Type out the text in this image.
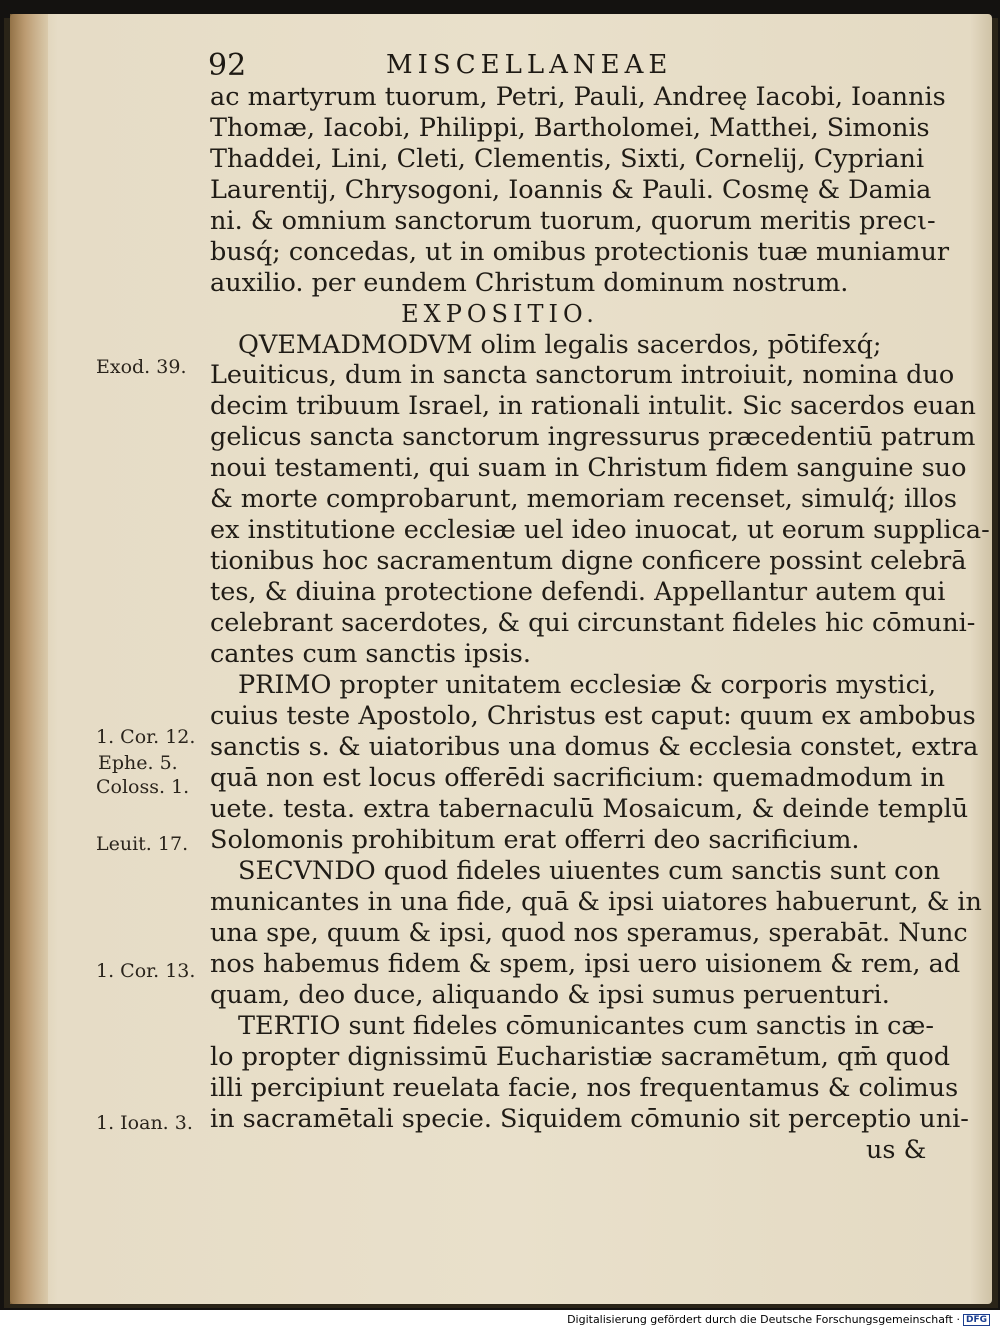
92	MISCELLANEAE
ac martyrum tuorum, Petri, Pauli, Andreę Iacobi, Ioannis
Thomæ, Iacobi, Philippi, Bartholomei, Matthei, Simonis
Thaddei, Lini, Cleti, Clementis, Sixti, Cornelij, Cypriani
Laurentij, Chrysogoni, Ioannis & Pauli. Cosmę & Damia
ni. & omnium sanctorum tuorum, quorum meritis precι-
busq́; concedas, ut in omibus protectionis tuæ muniamur
auxilio. per eundem Christum dominum nostrum.
EXPOSITIO.
QVEMADMODVM olim legalis sacerdos, pōtifexq́;
Leuiticus, dum in sancta sanctorum introiuit, nomina duo
decim tribuum Israel, in rationali intulit. Sic sacerdos euan
gelicus sancta sanctorum ingressurus præcedentiū patrum
noui testamenti, qui suam in Christum fidem sanguine suo
& morte comprobarunt, memoriam recenset, simulq́; illos
ex institutione ecclesiæ uel ideo inuocat, ut eorum supplica-
tionibus hoc sacramentum digne conficere possint celebrā
tes, & diuina protectione defendi. Appellantur autem qui
celebrant sacerdotes, & qui circunstant fideles hic cōmuni-
cantes cum sanctis ipsis.
PRIMO propter unitatem ecclesiæ & corporis mystici,
cuius teste Apostolo, Christus est caput: quum ex ambobus
sanctis s. & uiatoribus una domus & ecclesia constet, extra
quā non est locus offerēdi sacrificium: quemadmodum in
uete. testa. extra tabernaculū Mosaicum, & deinde templū
Solomonis prohibitum erat offerri deo sacrificium.
SECVNDO quod fideles uiuentes cum sanctis sunt con
municantes in una fide, quā & ipsi uiatores habuerunt, & in
una spe, quum & ipsi, quod nos speramus, sperabāt. Nunc
nos habemus fidem & spem, ipsi uero uisionem & rem, ad
quam, deo duce, aliquando & ipsi sumus peruenturi.
TERTIO sunt fideles cōmunicantes cum sanctis in cæ-
lo propter dignissimū Eucharistiæ sacramētum, qm̄ quod
illi percipiunt reuelata facie, nos frequentamus & colimus
in sacramētali specie. Siquidem cōmunio sit perceptio uni-
us &
Exod. 39.
1. Cor. 12.
Ephe. 5.
Coloss. 1.
Leuit. 17.
1. Cor. 13.
1. Ioan. 3.
Digitalisierung gefördert durch die Deutsche Forschungsgemeinschaft · DFG
